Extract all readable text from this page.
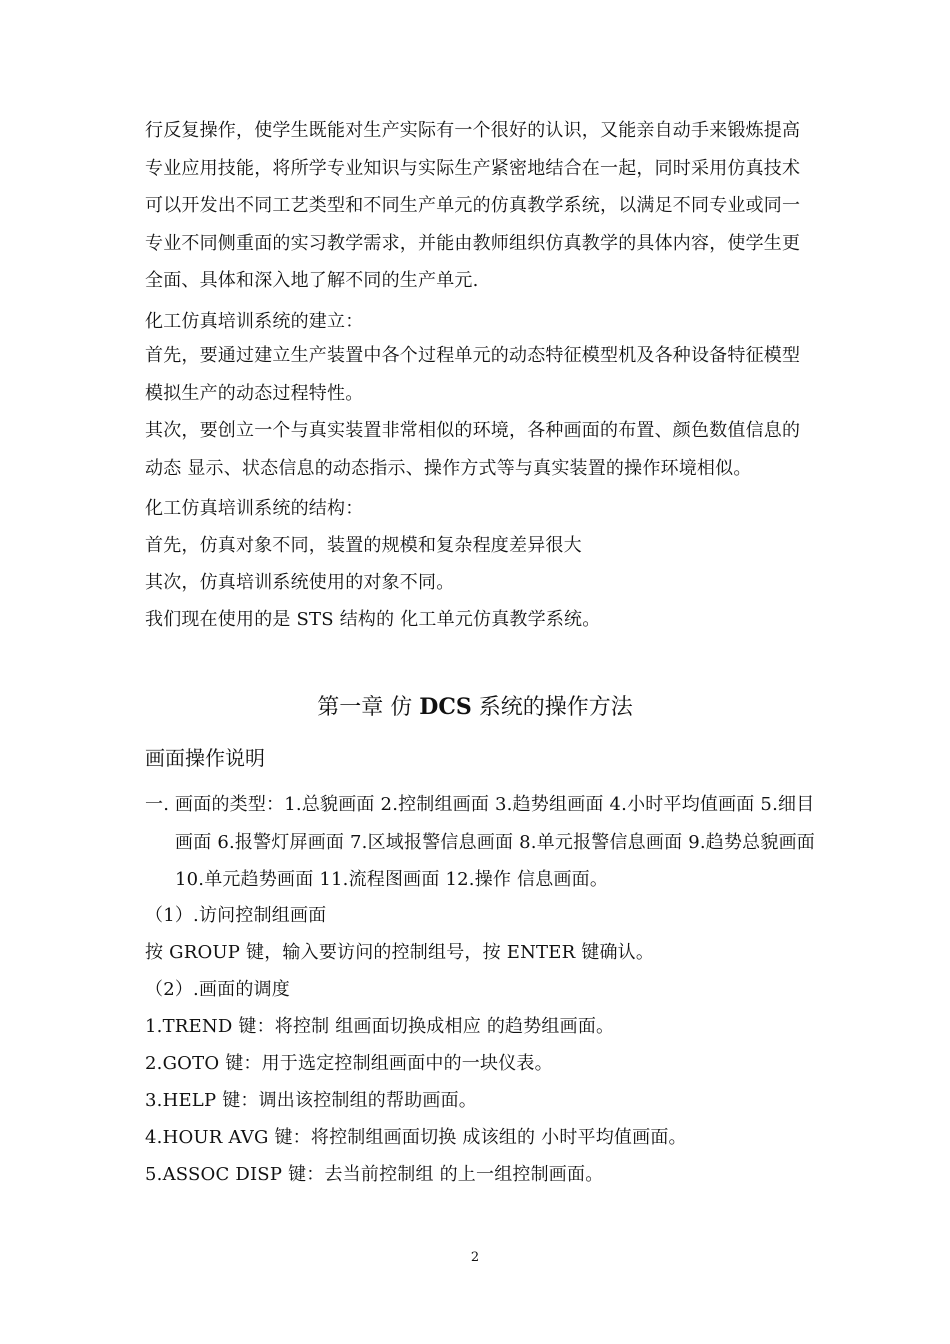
行反复操作，使学生既能对生产实际有一个很好的认识，又能亲自动手来锻炼提高专业应用技能，将所学专业知识与实际生产紧密地结合在一起，同时采用仿真技术可以开发出不同工艺类型和不同生产单元的仿真教学系统，以满足不同专业或同一专业不同侧重面的实习教学需求，并能由教师组织仿真教学的具体内容，使学生更全面、具体和深入地了解不同的生产单元.

化工仿真培训系统的建立：

首先，要通过建立生产装置中各个过程单元的动态特征模型机及各种设备特征模型模拟生产的动态过程特性。

其次，要创立一个与真实装置非常相似的环境，各种画面的布置、颜色数值信息的动态 显示、状态信息的动态指示、操作方式等与真实装置的操作环境相似。

化工仿真培训系统的结构：

首先，仿真对象不同，装置的规模和复杂程度差异很大

其次，仿真培训系统使用的对象不同。

我们现在使用的是 STS 结构的 化工单元仿真教学系统。

第一章 仿 DCS 系统的操作方法
画面操作说明

一. 画面的类型：1.总貌画面 2.控制组画面 3.趋势组画面 4.小时平均值画面 5.细目画面 6.报警灯屏画面 7.区域报警信息画面 8.单元报警信息画面 9.趋势总貌画面 10.单元趋势画面 11.流程图画面 12.操作 信息画面。

（1）.访问控制组画面

按 GROUP 键，输入要访问的控制组号，按 ENTER 键确认。

（2）.画面的调度

1.TREND 键：将控制 组画面切换成相应 的趋势组画面。

2.GOTO 键：用于选定控制组画面中的一块仪表。

3.HELP 键：调出该控制组的帮助画面。

4.HOUR AVG 键：将控制组画面切换 成该组的 小时平均值画面。

5.ASSOC DISP 键：去当前控制组 的上一组控制画面。

2
